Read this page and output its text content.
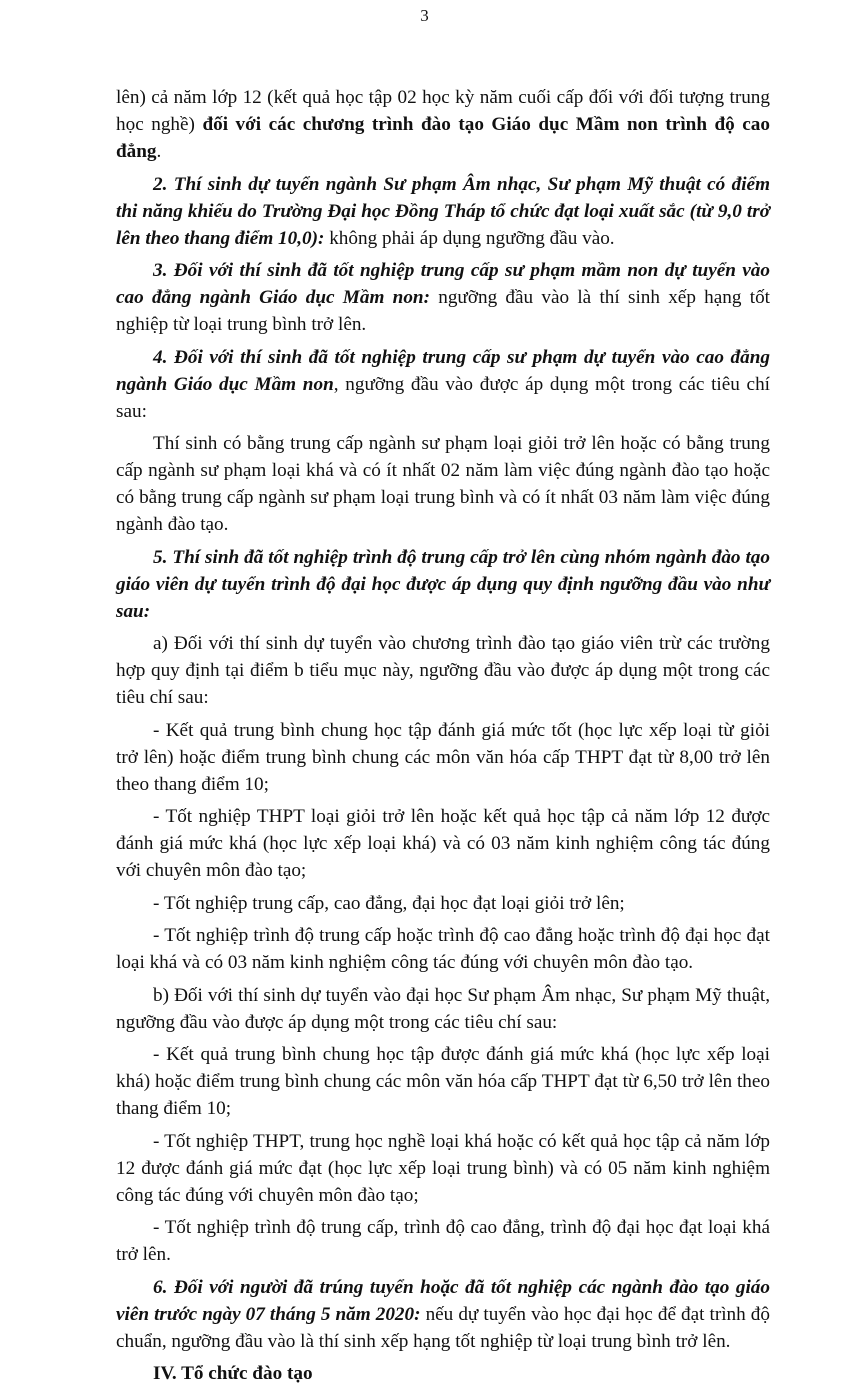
3

lên) cả năm lớp 12 (kết quả học tập 02 học kỳ năm cuối cấp đối với đối tượng trung học nghề) đối với các chương trình đào tạo Giáo dục Mầm non trình độ cao đẳng.

2. Thí sinh dự tuyển ngành Sư phạm Âm nhạc, Sư phạm Mỹ thuật có điểm thi năng khiếu do Trường Đại học Đồng Tháp tổ chức đạt loại xuất sắc (từ 9,0 trở lên theo thang điểm 10,0): không phải áp dụng ngưỡng đầu vào.

3. Đối với thí sinh đã tốt nghiệp trung cấp sư phạm mầm non dự tuyển vào cao đẳng ngành Giáo dục Mầm non: ngưỡng đầu vào là thí sinh xếp hạng tốt nghiệp từ loại trung bình trở lên.

4. Đối với thí sinh đã tốt nghiệp trung cấp sư phạm dự tuyển vào cao đẳng ngành Giáo dục Mầm non, ngưỡng đầu vào được áp dụng một trong các tiêu chí sau:

Thí sinh có bằng trung cấp ngành sư phạm loại giỏi trở lên hoặc có bằng trung cấp ngành sư phạm loại khá và có ít nhất 02 năm làm việc đúng ngành đào tạo hoặc có bằng trung cấp ngành sư phạm loại trung bình và có ít nhất 03 năm làm việc đúng ngành đào tạo.

5. Thí sinh đã tốt nghiệp trình độ trung cấp trở lên cùng nhóm ngành đào tạo giáo viên dự tuyển trình độ đại học được áp dụng quy định ngưỡng đầu vào như sau:

a) Đối với thí sinh dự tuyển vào chương trình đào tạo giáo viên trừ các trường hợp quy định tại điểm b tiểu mục này, ngưỡng đầu vào được áp dụng một trong các tiêu chí sau:

- Kết quả trung bình chung học tập đánh giá mức tốt (học lực xếp loại từ giỏi trở lên) hoặc điểm trung bình chung các môn văn hóa cấp THPT đạt từ 8,00 trở lên theo thang điểm 10;

- Tốt nghiệp THPT loại giỏi trở lên hoặc kết quả học tập cả năm lớp 12 được đánh giá mức khá (học lực xếp loại khá) và có 03 năm kinh nghiệm công tác đúng với chuyên môn đào tạo;

- Tốt nghiệp trung cấp, cao đẳng, đại học đạt loại giỏi trở lên;

- Tốt nghiệp trình độ trung cấp hoặc trình độ cao đẳng hoặc trình độ đại học đạt loại khá và có 03 năm kinh nghiệm công tác đúng với chuyên môn đào tạo.

b) Đối với thí sinh dự tuyển vào đại học Sư phạm Âm nhạc, Sư phạm Mỹ thuật, ngưỡng đầu vào được áp dụng một trong các tiêu chí sau:

- Kết quả trung bình chung học tập được đánh giá mức khá (học lực xếp loại khá) hoặc điểm trung bình chung các môn văn hóa cấp THPT đạt từ 6,50 trở lên theo thang điểm 10;

- Tốt nghiệp THPT, trung học nghề loại khá hoặc có kết quả học tập cả năm lớp 12 được đánh giá mức đạt (học lực xếp loại trung bình) và có 05 năm kinh nghiệm công tác đúng với chuyên môn đào tạo;

- Tốt nghiệp trình độ trung cấp, trình độ cao đẳng, trình độ đại học đạt loại khá trở lên.

6. Đối với người đã trúng tuyển hoặc đã tốt nghiệp các ngành đào tạo giáo viên trước ngày 07 tháng 5 năm 2020: nếu dự tuyển vào học đại học để đạt trình độ chuẩn, ngưỡng đầu vào là thí sinh xếp hạng tốt nghiệp từ loại trung bình trở lên.

IV. Tổ chức đào tạo
